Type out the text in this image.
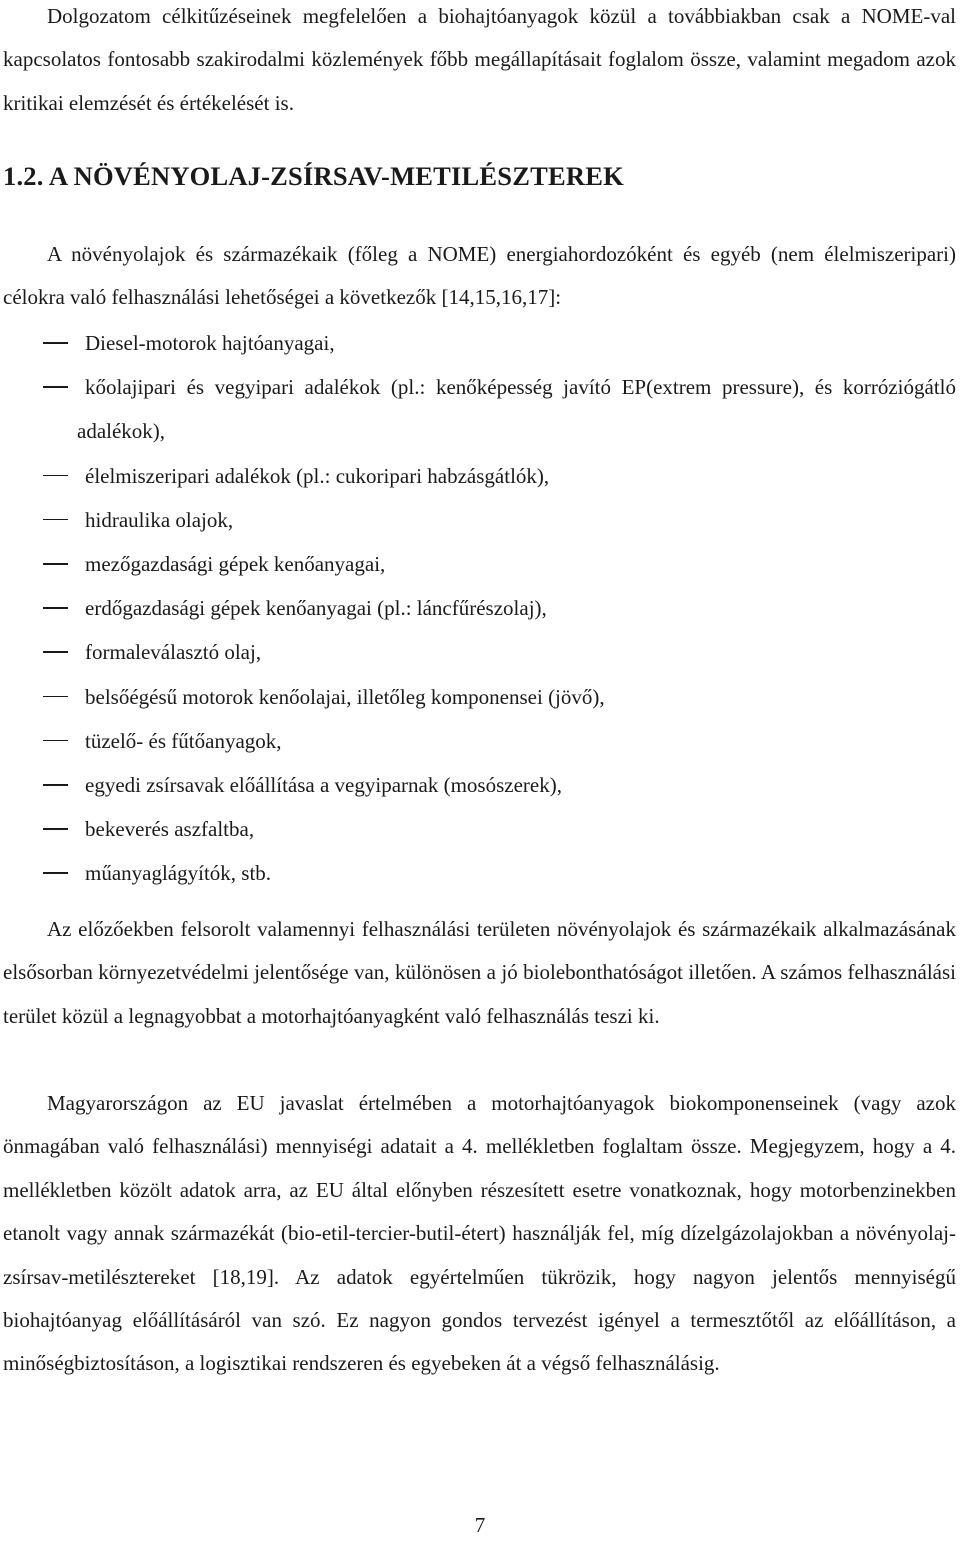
Dolgozatom célkitűzéseinek megfelelően a biohajtóanyagok közül a továbbiakban csak a NOME-val kapcsolatos fontosabb szakirodalmi közlemények főbb megállapításait foglalom össze, valamint megadom azok kritikai elemzését és értékelését is.

1.2. A NÖVÉNYOLAJ-ZSÍRSAV-METILÉSZTEREK

A növényolajok és származékaik (főleg a NOME) energiahordozóként és egyéb (nem élelmiszeripari) célokra való felhasználási lehetőségei a következők [14,15,16,17]:

Diesel-motorok hajtóanyagai,
kőolajipari és vegyipari adalékok (pl.: kenőképesség javító EP(extrem pressure), és korróziógátló adalékok),
élelmiszeripari adalékok (pl.: cukoripari habzásgátlók),
hidraulika olajok,
mezőgazdasági gépek kenőanyagai,
erdőgazdasági gépek kenőanyagai (pl.: láncfűrészolaj),
formaleválasztó olaj,
belsőégésű motorok kenőolajai, illetőleg komponensei (jövő),
tüzelő- és fűtőanyagok,
egyedi zsírsavak előállítása a vegyiparnak (mosószerek),
bekeverés aszfaltba,
műanyaglágyítók, stb.

Az előzőekben felsorolt valamennyi felhasználási területen növényolajok és származékaik alkalmazásának elsősorban környezetvédelmi jelentősége van, különösen a jó biolebonthatóságot illetően. A számos felhasználási terület közül a legnagyobbat a motorhajtóanyagként való felhasználás teszi ki.

Magyarországon az EU javaslat értelmében a motorhajtóanyagok biokomponenseinek (vagy azok önmagában való felhasználási) mennyiségi adatait a 4. mellékletben foglaltam össze. Megjegyzem, hogy a 4. mellékletben közölt adatok arra, az EU által előnyben részesített esetre vonatkoznak, hogy motorbenzinekben etanolt vagy annak származékát (bio-etil-tercier-butil-étert) használják fel, míg dízelgázolajokban a növényolaj-zsírsav-metilésztereket [18,19]. Az adatok egyértelműen tükrözik, hogy nagyon jelentős mennyiségű biohajtóanyag előállításáról van szó. Ez nagyon gondos tervezést igényel a termesztőtől az előállításon, a minőségbiztosításon, a logisztikai rendszeren és egyebeken át a végső felhasználásig.

7
